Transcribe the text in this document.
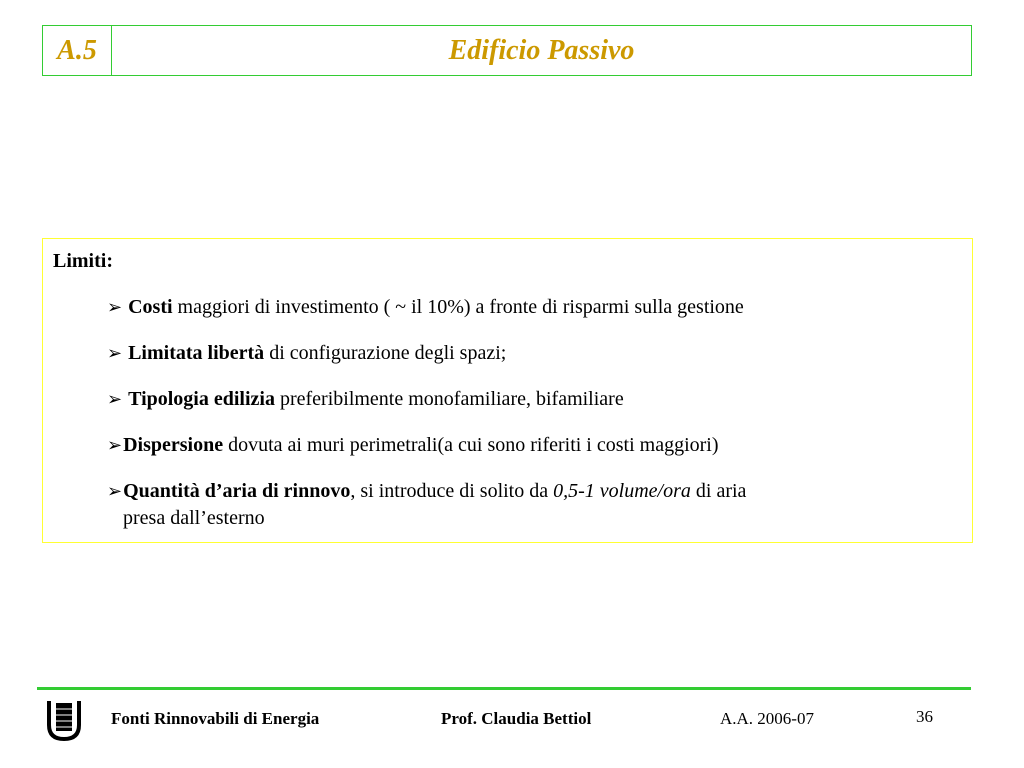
A.5	Edificio Passivo
Limiti:
➢ Costi maggiori di investimento ( ~ il 10%) a fronte di risparmi sulla gestione
➢ Limitata libertà di configurazione degli spazi;
➢ Tipologia edilizia preferibilmente monofamiliare, bifamiliare
➢Dispersione dovuta ai muri perimetrali(a cui sono riferiti i costi maggiori)
➢Quantità d’aria di rinnovo, si introduce di solito da 0,5-1 volume/ora di aria
presa dall’esterno
Fonti Rinnovabili di Energia	Prof. Claudia Bettiol	A.A. 2006-07	36
